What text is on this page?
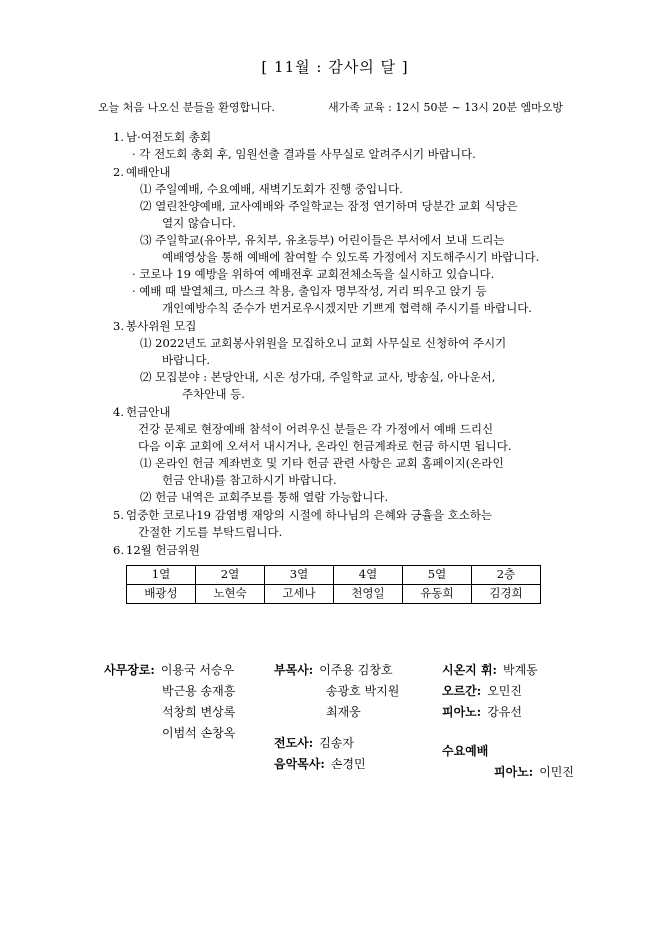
[ 11월 : 감사의 달 ]
오늘 처음 나오신 분들을 환영합니다.	새가족 교육 : 12시 50분 ~ 13시 20분 엠마오방
1. 남·여전도회 총회
· 각 전도회 총회 후, 임원선출 결과를 사무실로 알려주시기 바랍니다.
2. 예배안내
⑴ 주일예배, 수요예배, 새벽기도회가 진행 중입니다.
⑵ 열린찬양예배, 교사예배와 주일학교는 잠정 연기하며 당분간 교회 식당은
열지 않습니다.
⑶ 주일학교(유아부, 유치부, 유초등부) 어린이들은 부서에서 보내 드리는
예배영상을 통해 예배에 참여할 수 있도록 가정에서 지도해주시기 바랍니다.
· 코로나 19 예방을 위하여 예배전후 교회전체소독을 실시하고 있습니다.
· 예배 때 발열체크, 마스크 착용, 출입자 명부작성, 거리 띄우고 앉기 등
개인예방수칙 준수가 번거로우시겠지만 기쁘게 협력해 주시기를 바랍니다.
3. 봉사위원 모집
⑴ 2022년도 교회봉사위원을 모집하오니 교회 사무실로 신청하여 주시기
바랍니다.
⑵ 모집분야 : 본당안내, 시온 성가대, 주일학교 교사, 방송실, 아나운서,
주차안내 등.
4. 헌금안내
건강 문제로 현장예배 참석이 어려우신 분들은 각 가정에서 예배 드리신
다음 이후 교회에 오셔서 내시거나, 온라인 헌금계좌로 헌금 하시면 됩니다.
⑴ 온라인 헌금 계좌번호 및 기타 헌금 관련 사항은 교회 홈페이지(온라인
헌금 안내)를 참고하시기 바랍니다.
⑵ 헌금 내역은 교회주보를 통해 열람 가능합니다.
5. 엄중한 코로나19 감염병 재앙의 시절에 하나님의 은혜와 긍휼을 호소하는
간절한 기도를 부탁드립니다.
6. 12월 헌금위원
1열	2열	3열	4열	5열	2층
배광성	노현숙	고세나	천영일	유동희	김경희
사무장로: 이용국 서승우
박근용 송재흥
석창희 변상록
이범석 손창옥
부목사: 이주용 김창호
송광호 박지원
최재웅
전도사: 김송자
음악목사: 손경민
시온지 휘: 박계동
오르간: 오민진
피아노: 강유선
수요예배
피아노: 이민진
